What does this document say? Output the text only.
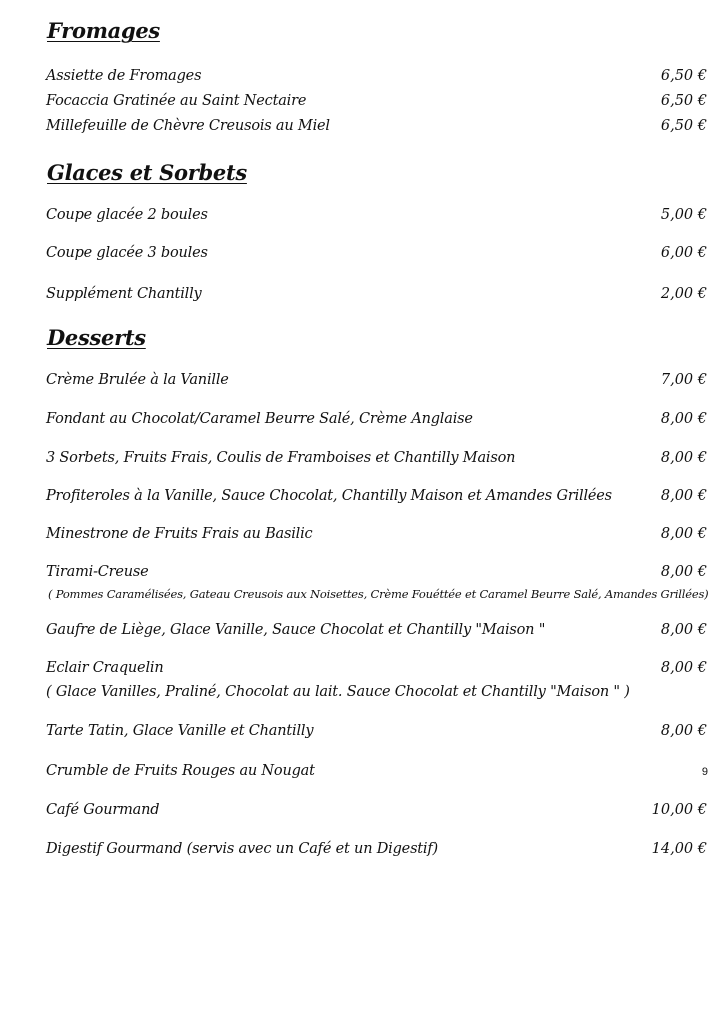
Fromages
Assiette de Fromages	6,50 €
Focaccia Gratinée au Saint Nectaire	6,50 €
Millefeuille de Chèvre Creusois au Miel	6,50 €
Glaces et Sorbets
Coupe glacée 2 boules	5,00 €
Coupe glacée 3 boules	6,00 €
Supplément Chantilly	2,00 €
Desserts
Crème Brulée à la Vanille	7,00 €
Fondant au Chocolat/Caramel Beurre Salé, Crème Anglaise	8,00 €
3 Sorbets, Fruits Frais, Coulis de Framboises et Chantilly Maison	8,00 €
Profiteroles à la Vanille, Sauce Chocolat, Chantilly Maison et Amandes Grillées	8,00 €
Minestrone de Fruits Frais au Basilic	8,00 €
Tirami-Creuse	8,00 €
( Pommes Caramélisées, Gateau Creusois aux Noisettes, Crème Fouéttée et Caramel Beurre Salé, Amandes Grillées)
Gaufre de Liège, Glace Vanille, Sauce Chocolat et Chantilly "Maison "	8,00 €
Eclair Craquelin	8,00 €
( Glace Vanilles, Praliné, Chocolat au lait. Sauce Chocolat et Chantilly "Maison " )
Tarte Tatin, Glace Vanille et Chantilly	8,00 €
Crumble de Fruits Rouges au Nougat	9
Café Gourmand	10,00 €
Digestif Gourmand (servis avec un Café et un Digestif)	14,00 €
